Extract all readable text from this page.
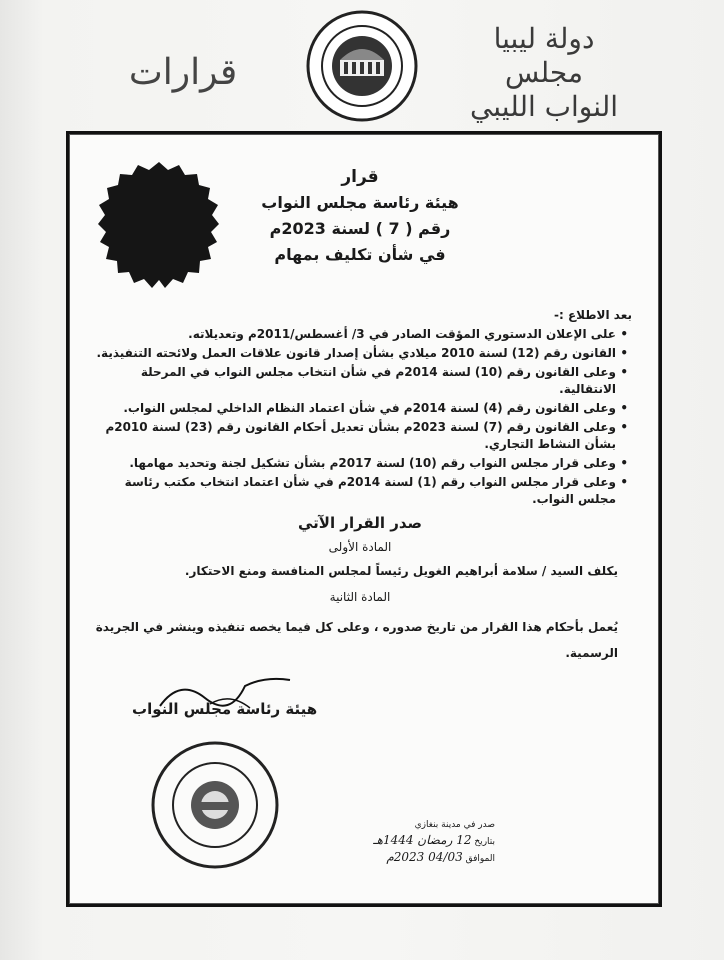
دولة ليبيا
مجلس النواب الليبي
قرارات
قرار
هيئة رئاسة مجلس النواب
رقم ( 7 ) لسنة 2023م
في شأن تكليف بمهام
بعد الاطلاع :-
• على الإعلان الدستوري المؤقت الصادر في 3/ أغسطس/2011م وتعديلاته.
• القانون رقم (12) لسنة 2010 ميلادي بشأن إصدار قانون علاقات العمل ولائحته التنفيذية.
• وعلى القانون رقم (10) لسنة 2014م في شأن انتخاب مجلس النواب في المرحلة الانتقالية.
• وعلى القانون رقم (4) لسنة 2014م في شأن اعتماد النظام الداخلي لمجلس النواب.
• وعلى القانون رقم (7) لسنة 2023م بشأن تعديل أحكام القانون رقم (23) لسنة 2010م بشأن النشاط التجاري.
• وعلى قرار مجلس النواب رقم (10) لسنة 2017م بشأن تشكيل لجنة وتحديد مهامها.
• وعلى قرار مجلس النواب رقم (1) لسنة 2014م في شأن اعتماد انتخاب مكتب رئاسة مجلس النواب.
صدر القرار الآتي
المادة الأولى
يكلف السيد / سلامة أبراهيم الغويل رئيساً لمجلس المنافسة ومنع الاحتكار.
المادة الثانية
يُعمل بأحكام هذا القرار من تاريخ صدوره ، وعلى كل فيما يخصه تنفيذه وينشر في الجريدة الرسمية.
هيئة رئاسة مجلس النواب
صدر في مدينة بنغازي
بتاريخ 12 رمضان 1444هـ
الموافق 04/03 2023م
